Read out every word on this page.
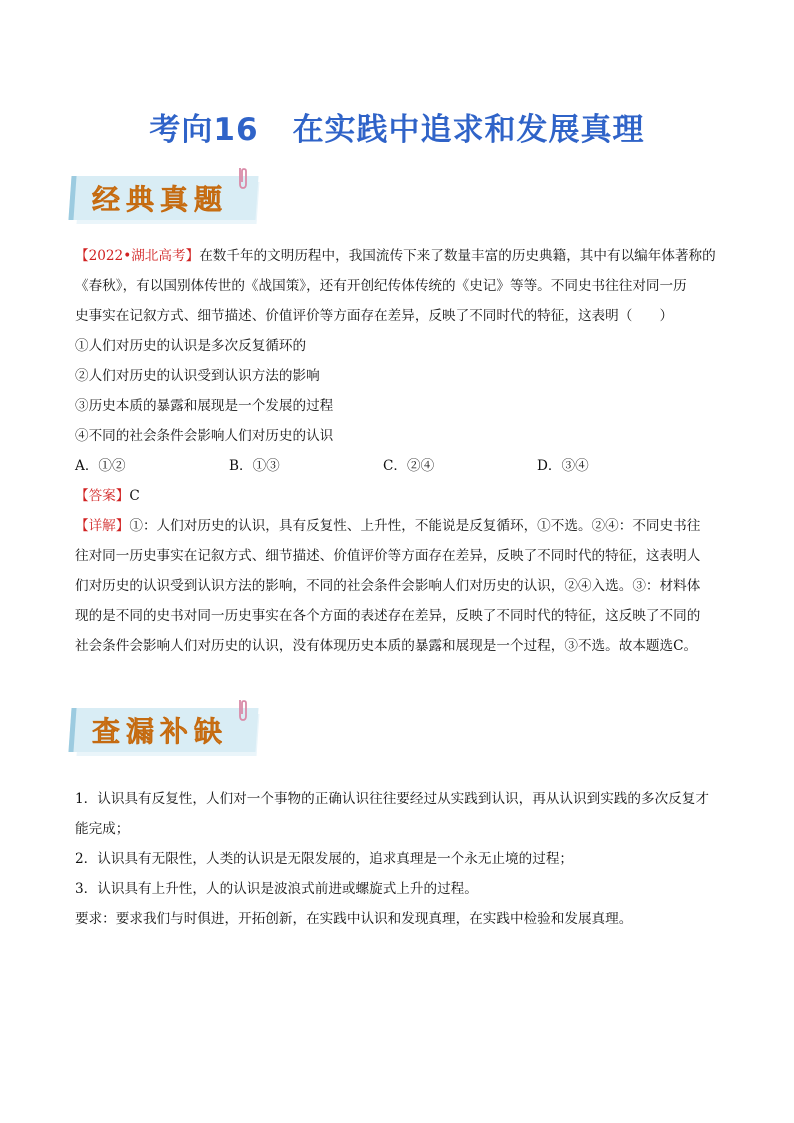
考向16 在实践中追求和发展真理
经典真题

【2022•湖北高考】在数千年的文明历程中，我国流传下来了数量丰富的历史典籍，其中有以编年体著称的

《春秋》，有以国别体传世的《战国策》，还有开创纪传体传统的《史记》等等。不同史书往往对同一历

史事实在记叙方式、细节描述、价值评价等方面存在差异，反映了不同时代的特征，这表明（　　）

①人们对历史的认识是多次反复循环的

②人们对历史的认识受到认识方法的影响

③历史本质的暴露和展现是一个发展的过程

④不同的社会条件会影响人们对历史的认识

A．①②	B．①③	C．②④	D．③④

【答案】C

【详解】①：人们对历史的认识，具有反复性、上升性，不能说是反复循环，①不选。②④：不同史书往

往对同一历史事实在记叙方式、细节描述、价值评价等方面存在差异，反映了不同时代的特征，这表明人

们对历史的认识受到认识方法的影响，不同的社会条件会影响人们对历史的认识，②④入选。③：材料体

现的是不同的史书对同一历史事实在各个方面的表述存在差异，反映了不同时代的特征，这反映了不同的

社会条件会影响人们对历史的认识，没有体现历史本质的暴露和展现是一个过程，③不选。故本题选C。

查漏补缺

1．认识具有反复性，人们对一个事物的正确认识往往要经过从实践到认识，再从认识到实践的多次反复才

能完成；

2．认识具有无限性，人类的认识是无限发展的，追求真理是一个永无止境的过程；

3．认识具有上升性，人的认识是波浪式前进或螺旋式上升的过程。

要求：要求我们与时俱进，开拓创新，在实践中认识和发现真理，在实践中检验和发展真理。
